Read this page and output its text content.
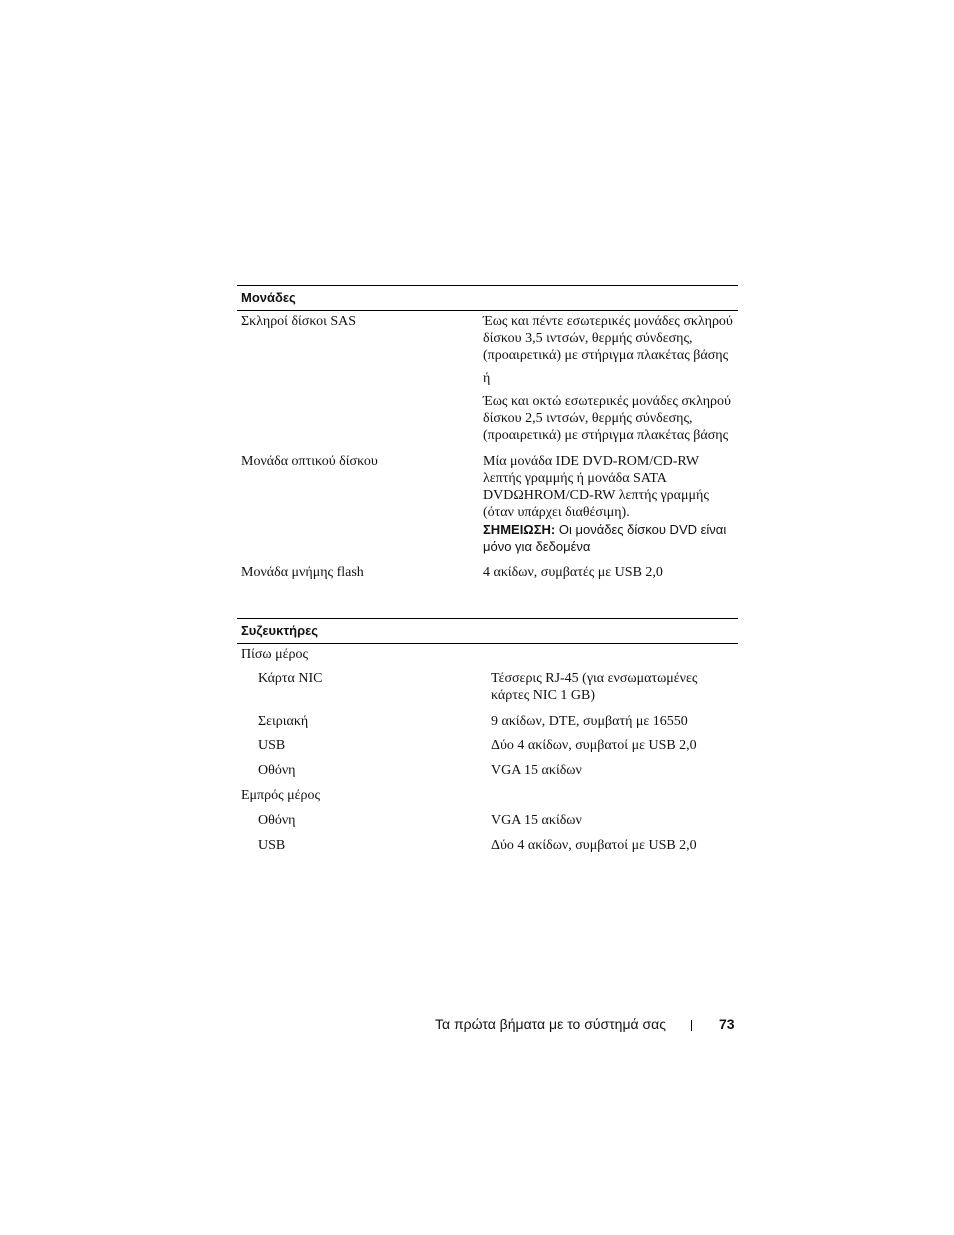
Μονάδες
Σκληροί δίσκοι SAS	Έως και πέντε εσωτερικές μονάδες σκληρού δίσκου 3,5 ιντσών, θερμής σύνδεσης, (προαιρετικά) με στήριγμα πλακέτας βάσης

ή

Έως και οκτώ εσωτερικές μονάδες σκληρού δίσκου 2,5 ιντσών, θερμής σύνδεσης, (προαιρετικά) με στήριγμα πλακέτας βάσης

Μονάδα οπτικού δίσκου	Μία μονάδα IDE DVD-ROM/CD-RW λεπτής γραμμής ή μονάδα SATA DVDΩHROM/CD-RW λεπτής γραμμής (όταν υπάρχει διαθέσιμη).

ΣΗΜΕΙΩΣΗ: Οι μονάδες δίσκου DVD είναι μόνο για δεδομένα

Μονάδα μνήμης flash	4 ακίδων, συμβατές με USB 2,0
Συζευκτήρες
Πίσω μέρος
Κάρτα NIC	Τέσσερις RJ-45 (για ενσωματωμένες κάρτες NIC 1 GB)
Σειριακή	9 ακίδων, DTE, συμβατή με 16550
USB	Δύο 4 ακίδων, συμβατοί με USB 2,0
Οθόνη	VGA 15 ακίδων
Εμπρός μέρος
Οθόνη	VGA 15 ακίδων
USB	Δύο 4 ακίδων, συμβατοί με USB 2,0
Τα πρώτα βήματα με το σύστημά σας	73
